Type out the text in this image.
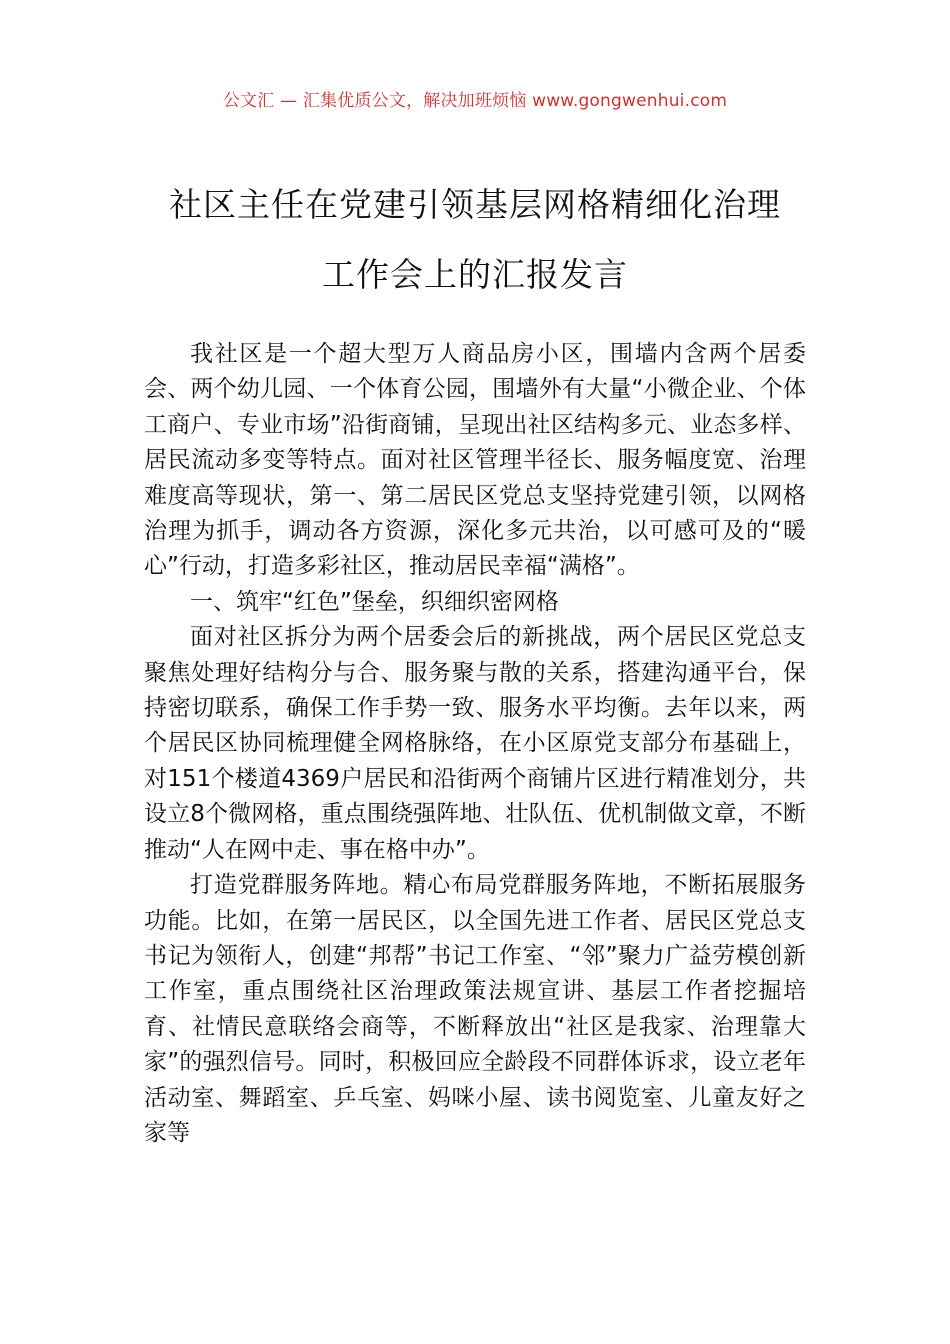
公文汇 — 汇集优质公文，解决加班烦恼 www.gongwenhui.com
社区主任在党建引领基层网格精细化治理
工作会上的汇报发言

我社区是一个超大型万人商品房小区，围墙内含两个居委会、两个幼儿园、一个体育公园，围墙外有大量“小微企业、个体工商户、专业市场”沿街商铺，呈现出社区结构多元、业态多样、居民流动多变等特点。面对社区管理半径长、服务幅度宽、治理难度高等现状，第一、第二居民区党总支坚持党建引领，以网格治理为抓手，调动各方资源，深化多元共治，以可感可及的“暖心”行动，打造多彩社区，推动居民幸福“满格”。

一、筑牢“红色”堡垒，织细织密网格

面对社区拆分为两个居委会后的新挑战，两个居民区党总支聚焦处理好结构分与合、服务聚与散的关系，搭建沟通平台，保持密切联系，确保工作手势一致、服务水平均衡。去年以来，两个居民区协同梳理健全网格脉络，在小区原党支部分布基础上，对151个楼道4369户居民和沿街两个商铺片区进行精准划分，共设立8个微网格，重点围绕强阵地、壮队伍、优机制做文章，不断推动“人在网中走、事在格中办”。

打造党群服务阵地。精心布局党群服务阵地，不断拓展服务功能。比如，在第一居民区，以全国先进工作者、居民区党总支书记为领衔人，创建“邦帮”书记工作室、“邻”聚力广益劳模创新工作室，重点围绕社区治理政策法规宣讲、基层工作者挖掘培育、社情民意联络会商等，不断释放出“社区是我家、治理靠大家”的强烈信号。同时，积极回应全龄段不同群体诉求，设立老年活动室、舞蹈室、乒乓室、妈咪小屋、读书阅览室、儿童友好之家等
